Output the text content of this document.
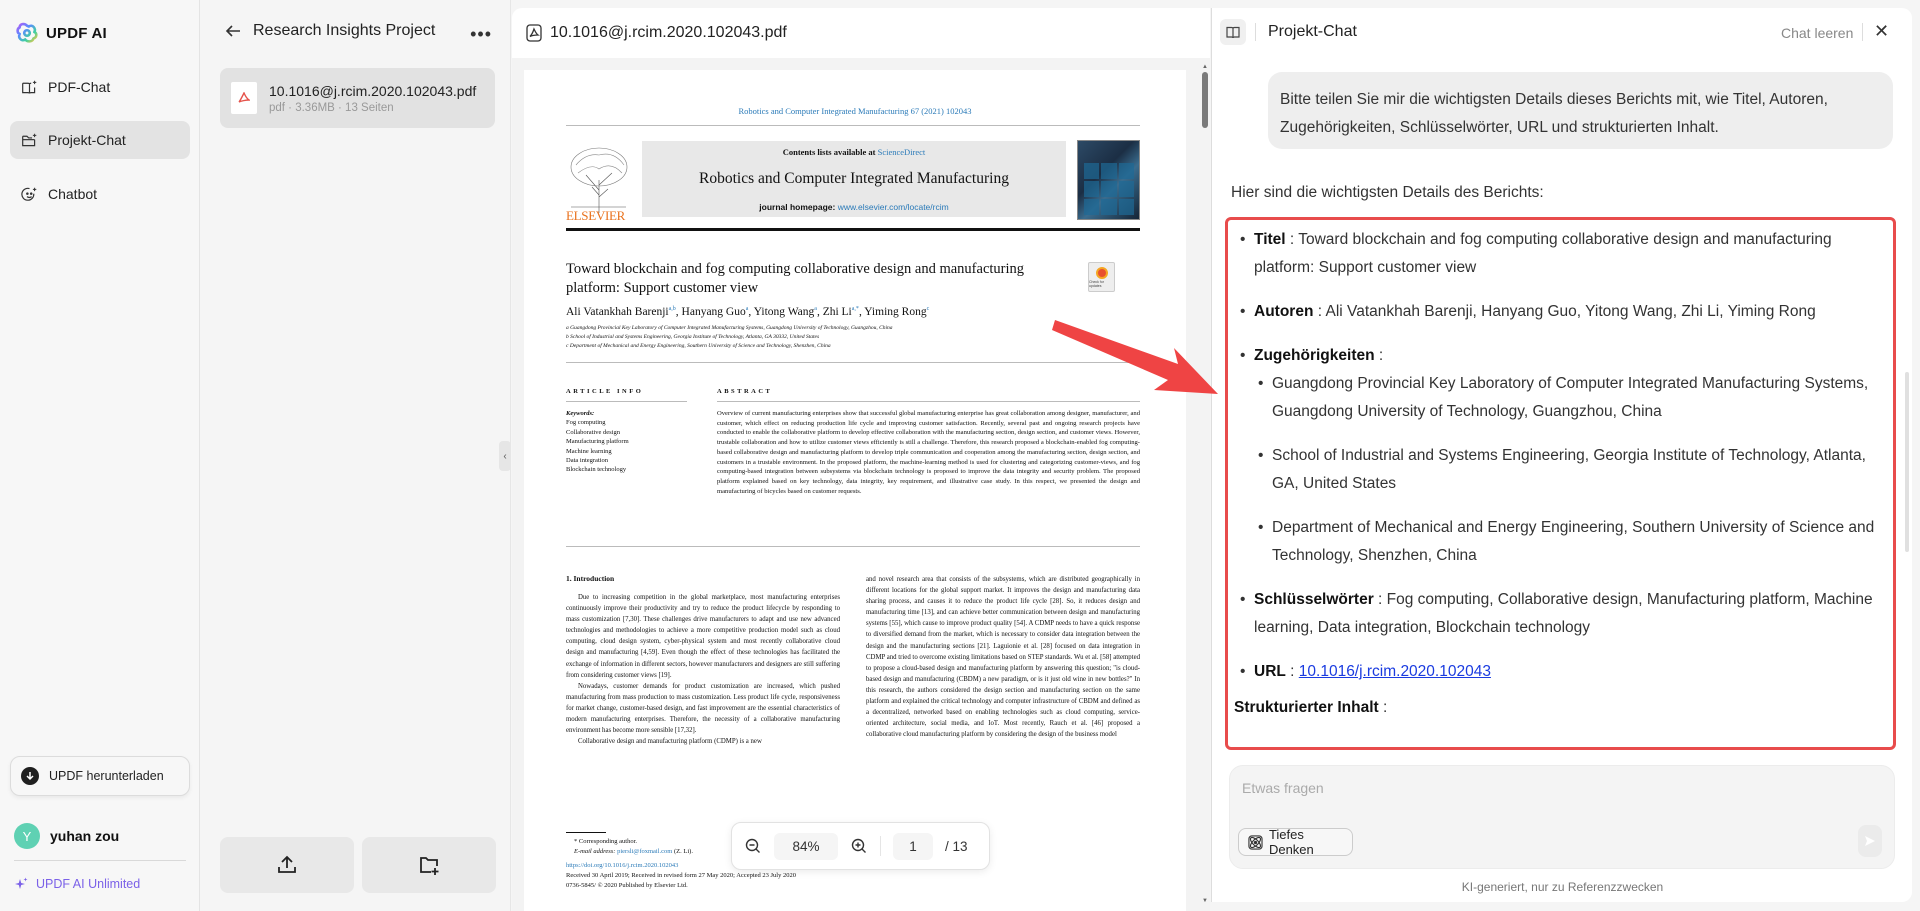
UPDF AI
PDF-Chat
Projekt-Chat
Chatbot
UPDF herunterladen
Y	yuhan zou
UPDF AI Unlimited
Research Insights Project •••
10.1016@j.rcim.2020.102043.pdf
pdf · 3.36MB · 13 Seiten
‹
10.1016@j.rcim.2020.102043.pdf
Robotics and Computer Integrated Manufacturing 67 (2021) 102043
ELSEVIER
Contents lists available at ScienceDirect
Robotics and Computer Integrated Manufacturing
journal homepage: www.elsevier.com/locate/rcim
Toward blockchain and fog computing collaborative design and manufacturing platform: Support customer view	Check for updates
Ali Vatankhah Barenji$^{a,b}$, Hanyang Guo$^a$, Yitong Wang$^a$, Zhi $Li^{a,*}$, Yiming Rong$^c$
a Guangdong Provincial Key Laboratory of Computer Integrated Manufacturing Systems, Guangdong University of Technology, Guangzhou, China
b School of Industrial and Systems Engineering, Georgia Institute of Technology, Atlanta, GA 30332, United States
c Department of Mechanical and Energy Engineering, Southern University of Science and Technology, Shenzhen, China
ARTICLE INFO	ABSTRACT
Keywords:
Fog computing
Collaborative design
Manufacturing platform
Machine learning
Data integration
Blockchain technology
Overview of current manufacturing enterprises show that successful global manufacturing enterprise has great collaboration among designer, manufacturer, and customer, which effect on reducing production life cycle and improving customer satisfaction. Recently, several past and ongoing research projects have conducted to enable the collaborative platform to develop effective collaboration with the manufacturing section, design section, and customer views. However, trustable collaboration and how to utilize customer views efficiently is still a challenge. Therefore, this research proposed a blockchain-enabled fog computing-based collaborative design and manufacturing platform to develop triple communication and cooperation among the manufacturing section, design section, and customers in a trustable environment. In the proposed platform, the machine-learning method is used for clustering and categorizing customer-views, and fog computing-based integration between subsystems via blockchain technology is proposed to improve the data integrity and security problem. The proposed platform explained based on key technology, data integrity, key requirement, and illustrative case study. In this respect, we presented the design and manufacturing of bicycles based on customer requests.
1. Introduction

Due to increasing competition in the global marketplace, most manufacturing enterprises continuously improve their productivity and try to reduce the product lifecycle by responding to mass customization [7,30]. These challenges drive manufacturers to adapt and use new advanced technologies and methodologies to achieve a more competitive production model such as cloud computing, cloud design system, cyber-physical system and most recently collaborative cloud design and manufacturing [4,59]. Even though the effect of these technologies has facilitated the exchange of information in different sectors, however manufacturers and designers are still suffering from considering customer views [19].

Nowadays, customer demands for product customization are increased, which pushed manufacturing from mass production to mass customization. Less product life cycle, responsiveness for market change, customer-based design, and fast improvement are the essential characteristics of modern manufacturing enterprises. Therefore, the necessity of a collaborative manufacturing environment has become more sensible [17,32].

Collaborative design and manufacturing platform (CDMP) is a new

and novel research area that consists of the subsystems, which are distributed geographically in different locations for the global support market. It improves the design and manufacturing data sharing process, and causes it to reduce the product life cycle [28]. So, it reduces design and manufacturing time [13], and can achieve better communication between design and manufacturing systems [55], which cause to improve product quality [54]. A CDMP needs to have a quick response to diversified demand from the market, which is necessary to consider data integration between the design and the manufacturing sections [21]. Laguionie et al. [28] focused on data integration in CDMP and tried to overcome existing limitations based on STEP standards. Wu et al. [58] attempted to propose a cloud-based design and manufacturing platform by answering this question; "is cloud-based design and manufacturing (CBDM) a new paradigm, or is it just old wine in new bottles?" In this research, the authors considered the design section and manufacturing section on the same platform and explained the critical technology and computer infrastructure of CBDM and defined as a decentralized, networked based on enabling technologies such as cloud computing, service-oriented architecture, social media, and IoT. Most recently, Rauch et al. [46] proposed a collaborative cloud manufacturing platform by considering the design of the business model
* Corresponding author.
E-mail address: piersli@foxmail.com (Z. Li).
https://doi.org/10.1016/j.rcim.2020.102043
Received 30 April 2019; Received in revised form 27 May 2020; Accepted 23 July 2020
0736-5845/ © 2020 Published by Elsevier Ltd.
▲
▼
84%	1	/ 13
Projekt-Chat	Chat leeren ✕
Bitte teilen Sie mir die wichtigsten Details dieses Berichts mit, wie Titel, Autoren, Zugehörigkeiten, Schlüsselwörter, URL und strukturierten Inhalt.
Hier sind die wichtigsten Details des Berichts:
• Titel : Toward blockchain and fog computing collaborative design and manufacturing platform: Support customer view
• Autoren : Ali Vatankhah Barenji, Hanyang Guo, Yitong Wang, Zhi Li, Yiming Rong
• Zugehörigkeiten :
• Guangdong Provincial Key Laboratory of Computer Integrated Manufacturing Systems, Guangdong University of Technology, Guangzhou, China
• School of Industrial and Systems Engineering, Georgia Institute of Technology, Atlanta, GA, United States
• Department of Mechanical and Energy Engineering, Southern University of Science and Technology, Shenzhen, China
• Schlüsselwörter : Fog computing, Collaborative design, Manufacturing platform, Machine learning, Data integration, Blockchain technology
• URL : 10.1016/j.rcim.2020.102043
Strukturierter Inhalt :
Etwas fragen
Tiefes Denken
KI-generiert, nur zu Referenzzwecken
